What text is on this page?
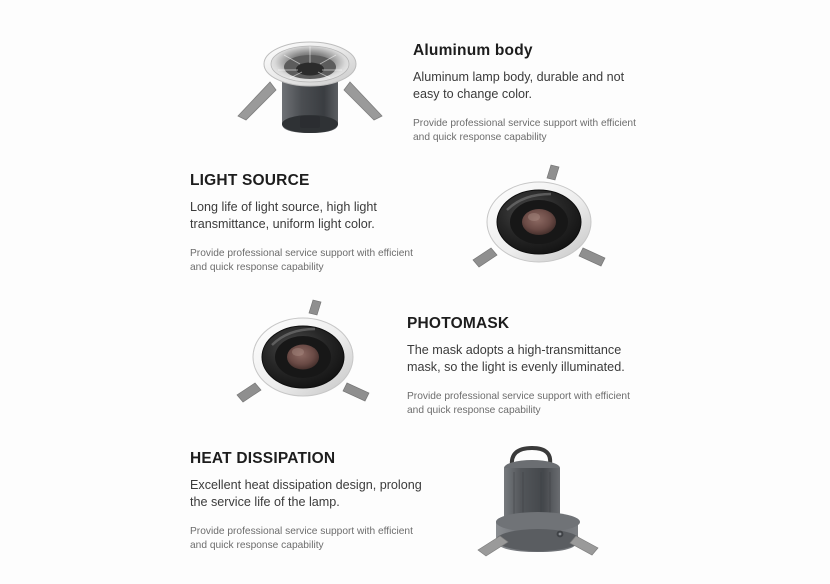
Aluminum body

Aluminum lamp body, durable and not easy to change color.

Provide professional service support with efficient and quick response capability

LIGHT SOURCE

Long life of light source, high light transmittance, uniform light color.

Provide professional service support with efficient and quick response capability

PHOTOMASK

The mask adopts a high-transmittance mask, so the light is evenly illuminated.

Provide professional service support with efficient and quick response capability

HEAT DISSIPATION

Excellent heat dissipation design, prolong the service life of the lamp.

Provide professional service support with efficient and quick response capability
